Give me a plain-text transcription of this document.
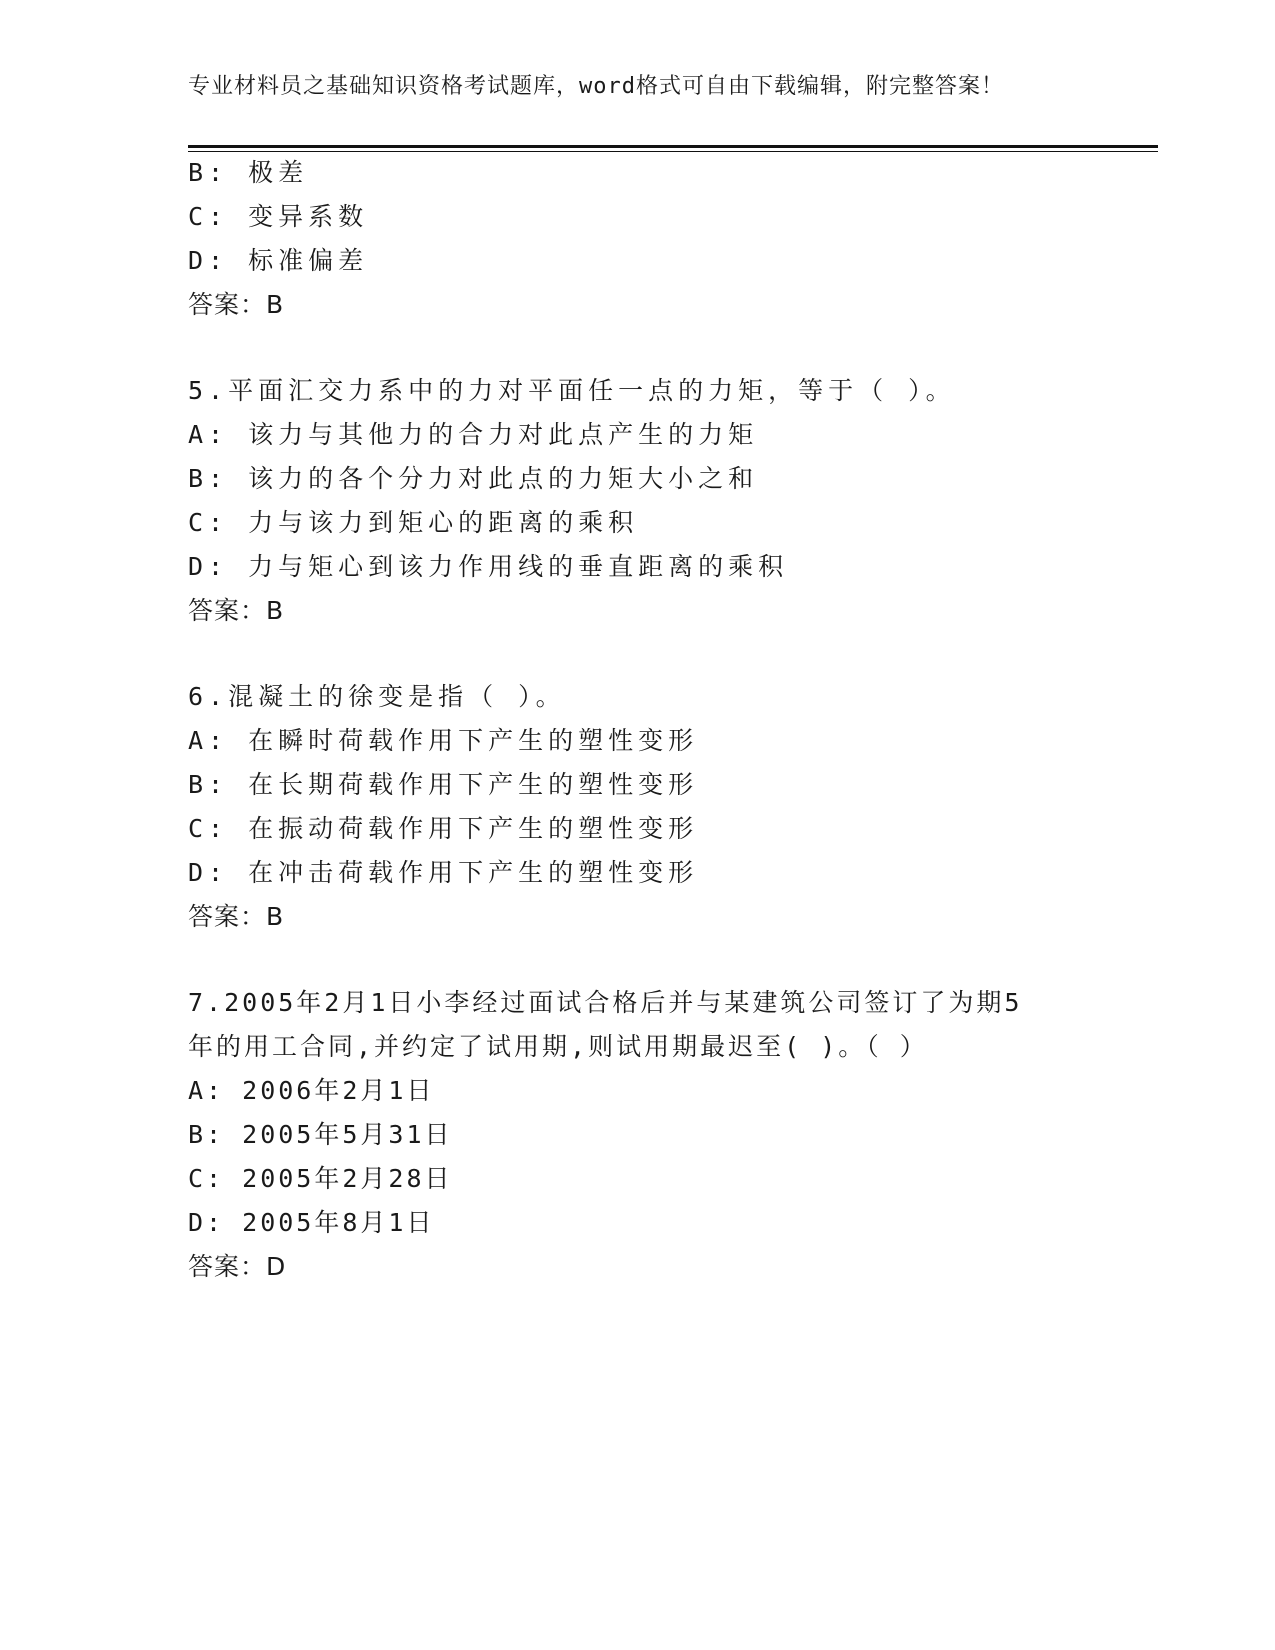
专业材料员之基础知识资格考试题库，word格式可自由下载编辑，附完整答案！
B: 极差
C: 变异系数
D: 标准偏差
答案：B
5.平面汇交力系中的力对平面任一点的力矩，等于（ ）。
A: 该力与其他力的合力对此点产生的力矩
B: 该力的各个分力对此点的力矩大小之和
C: 力与该力到矩心的距离的乘积
D: 力与矩心到该力作用线的垂直距离的乘积
答案：B
6.混凝土的徐变是指（ ）。
A: 在瞬时荷载作用下产生的塑性变形
B: 在长期荷载作用下产生的塑性变形
C: 在振动荷载作用下产生的塑性变形
D: 在冲击荷载作用下产生的塑性变形
答案：B
7.2005年2月1日小李经过面试合格后并与某建筑公司签订了为期5
年的用工合同,并约定了试用期,则试用期最迟至( )。（ ）
A: 2006年2月1日
B: 2005年5月31日
C: 2005年2月28日
D: 2005年8月1日
答案：D
